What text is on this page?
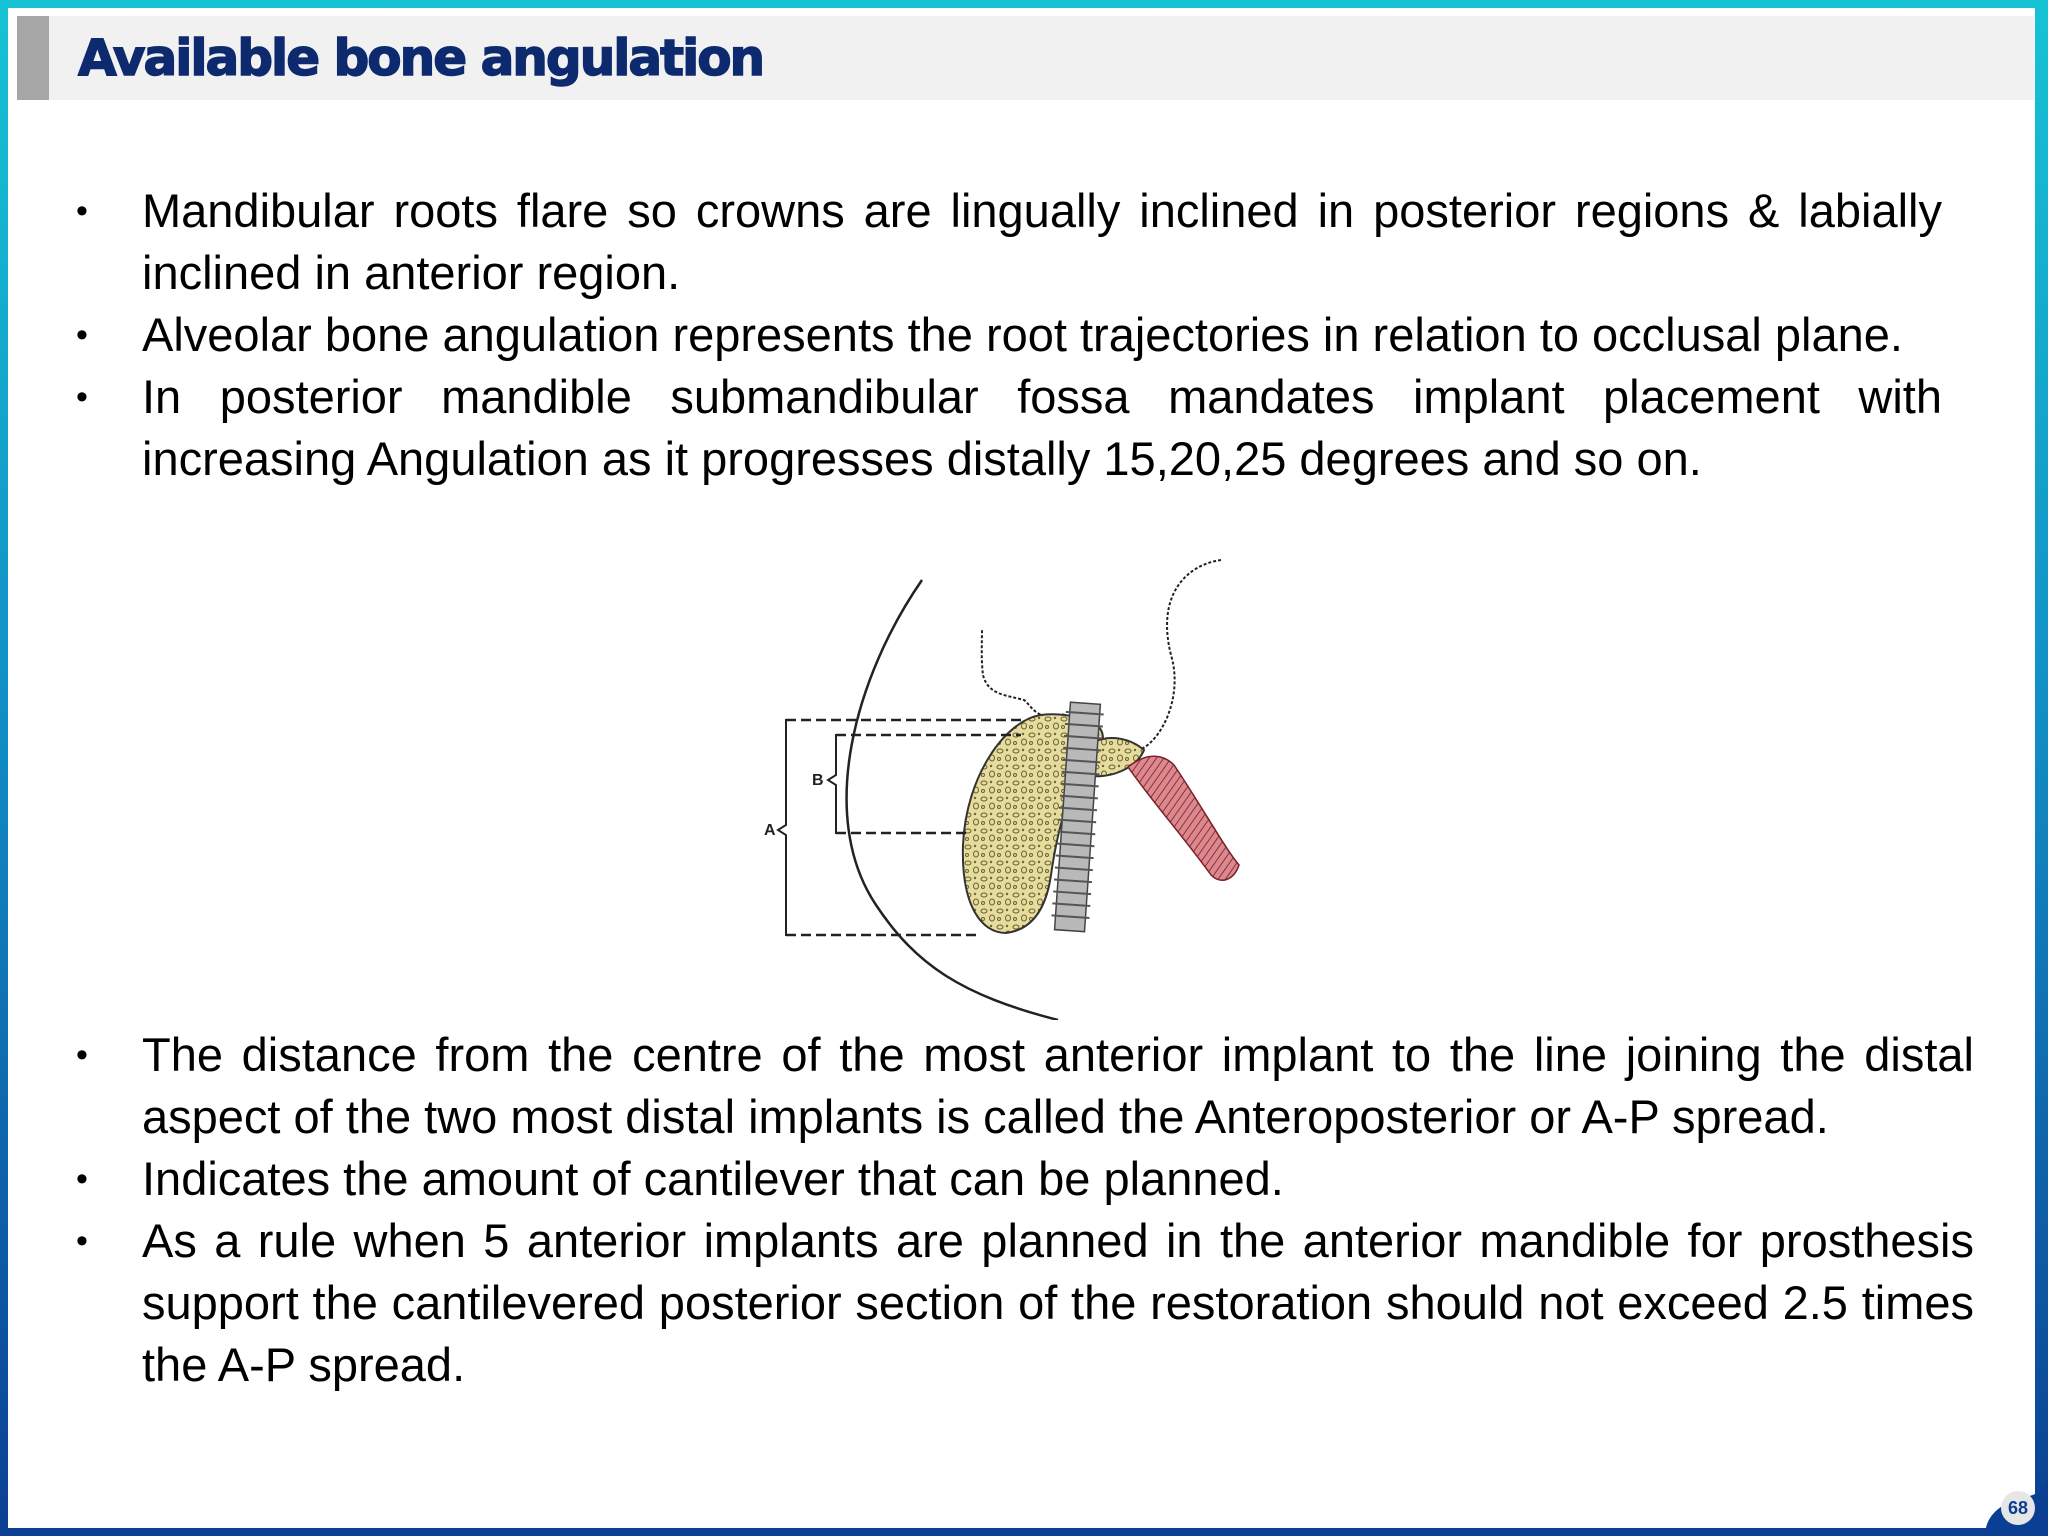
Available bone angulation
•	Mandibular roots flare so crowns are lingually inclined in posterior regions & labially inclined in anterior region.
•	Alveolar bone angulation represents the root trajectories in relation to occlusal plane.
•	In posterior mandible submandibular fossa mandates implant placement with increasing Angulation as it progresses distally 15,20,25 degrees and so on.
A
B
•	The distance from the centre of the most anterior implant to the line joining the distal aspect of the two most distal implants is called the Anteroposterior or A-P spread.
•	Indicates the amount of cantilever that can be planned.
•	As a rule when 5 anterior implants are planned in the anterior mandible for prosthesis support the cantilevered posterior section of the restoration should not exceed 2.5 times the A-P spread.
68
